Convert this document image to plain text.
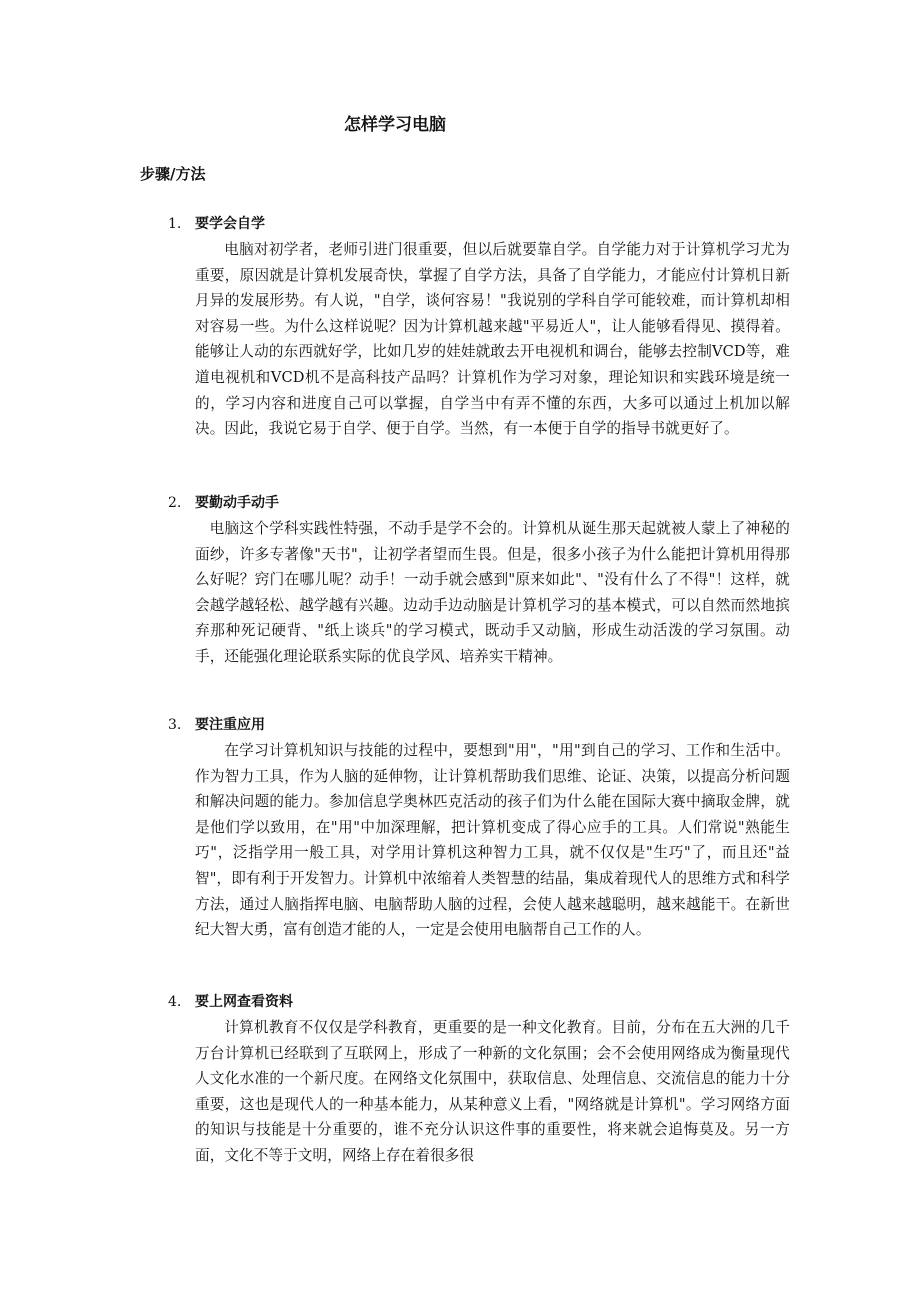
怎样学习电脑
步骤/方法
1. 要学会自学

电脑对初学者，老师引进门很重要，但以后就要靠自学。自学能力对于计算机学习尤为重要，原因就是计算机发展奇快，掌握了自学方法，具备了自学能力，才能应付计算机日新月异的发展形势。有人说，"自学，谈何容易！"我说别的学科自学可能较难，而计算机却相对容易一些。为什么这样说呢？因为计算机越来越"平易近人"，让人能够看得见、摸得着。能够让人动的东西就好学，比如几岁的娃娃就敢去开电视机和调台，能够去控制VCD等，难道电视机和VCD机不是高科技产品吗？计算机作为学习对象，理论知识和实践环境是统一的，学习内容和进度自己可以掌握，自学当中有弄不懂的东西，大多可以通过上机加以解决。因此，我说它易于自学、便于自学。当然，有一本便于自学的指导书就更好了。

2. 要勤动手动手

电脑这个学科实践性特强，不动手是学不会的。计算机从诞生那天起就被人蒙上了神秘的面纱，许多专著像"天书"，让初学者望而生畏。但是，很多小孩子为什么能把计算机用得那么好呢？窍门在哪儿呢？动手！一动手就会感到"原来如此"、"没有什么了不得"！这样，就会越学越轻松、越学越有兴趣。边动手边动脑是计算机学习的基本模式，可以自然而然地摈弃那种死记硬背、"纸上谈兵"的学习模式，既动手又动脑，形成生动活泼的学习氛围。动手，还能强化理论联系实际的优良学风、培养实干精神。

3. 要注重应用

在学习计算机知识与技能的过程中，要想到"用"，"用"到自己的学习、工作和生活中。作为智力工具，作为人脑的延伸物，让计算机帮助我们思维、论证、决策，以提高分析问题和解决问题的能力。参加信息学奥林匹克活动的孩子们为什么能在国际大赛中摘取金牌，就是他们学以致用，在"用"中加深理解，把计算机变成了得心应手的工具。人们常说"熟能生巧"，泛指学用一般工具，对学用计算机这种智力工具，就不仅仅是"生巧"了，而且还"益智"，即有利于开发智力。计算机中浓缩着人类智慧的结晶，集成着现代人的思维方式和科学方法，通过人脑指挥电脑、电脑帮助人脑的过程，会使人越来越聪明，越来越能干。在新世纪大智大勇，富有创造才能的人，一定是会使用电脑帮自己工作的人。

4. 要上网查看资料

计算机教育不仅仅是学科教育，更重要的是一种文化教育。目前，分布在五大洲的几千万台计算机已经联到了互联网上，形成了一种新的文化氛围；会不会使用网络成为衡量现代人文化水准的一个新尺度。在网络文化氛围中，获取信息、处理信息、交流信息的能力十分重要，这也是现代人的一种基本能力，从某种意义上看，"网络就是计算机"。学习网络方面的知识与技能是十分重要的，谁不充分认识这件事的重要性，将来就会追悔莫及。另一方面，文化不等于文明，网络上存在着很多很
